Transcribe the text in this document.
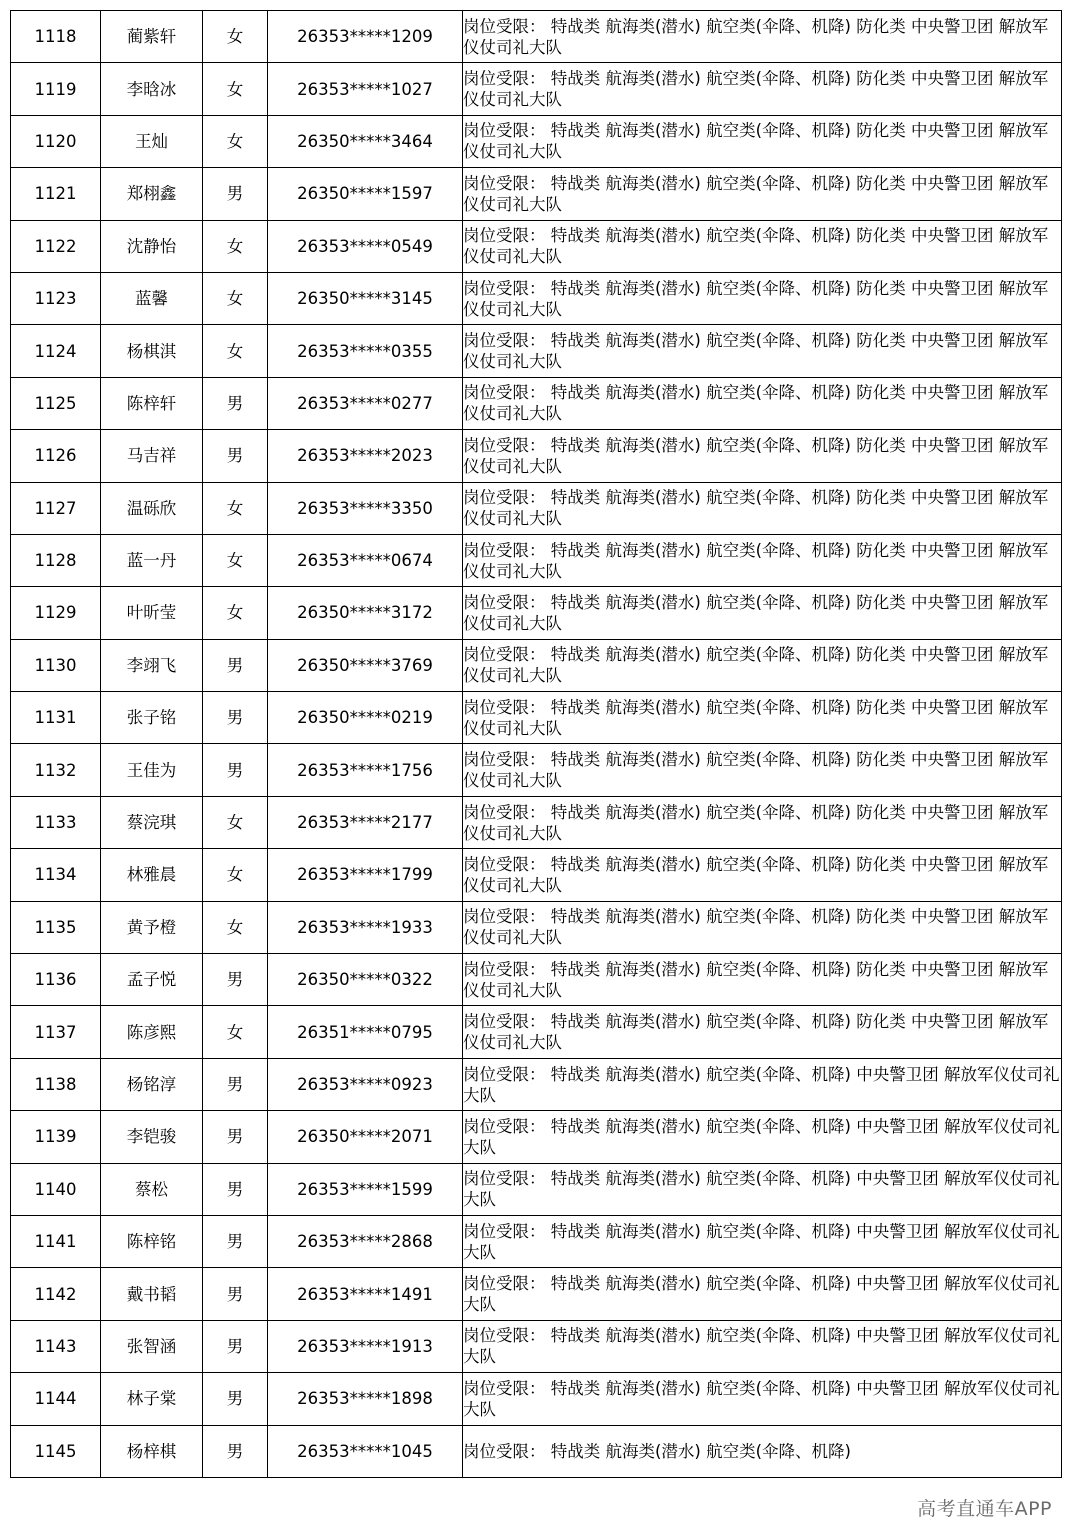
1118	蔺紫轩	女	26353*****1209	岗位受限： 特战类 航海类(潜水) 航空类(伞降、机降) 防化类 中央警卫团 解放军仪仗司礼大队

1119	李晗冰	女	26353*****1027	岗位受限： 特战类 航海类(潜水) 航空类(伞降、机降) 防化类 中央警卫团 解放军仪仗司礼大队

1120	王灿	女	26350*****3464	岗位受限： 特战类 航海类(潜水) 航空类(伞降、机降) 防化类 中央警卫团 解放军仪仗司礼大队

1121	郑栩鑫	男	26350*****1597	岗位受限： 特战类 航海类(潜水) 航空类(伞降、机降) 防化类 中央警卫团 解放军仪仗司礼大队

1122	沈静怡	女	26353*****0549	岗位受限： 特战类 航海类(潜水) 航空类(伞降、机降) 防化类 中央警卫团 解放军仪仗司礼大队

1123	蓝馨	女	26350*****3145	岗位受限： 特战类 航海类(潜水) 航空类(伞降、机降) 防化类 中央警卫团 解放军仪仗司礼大队

1124	杨棋淇	女	26353*****0355	岗位受限： 特战类 航海类(潜水) 航空类(伞降、机降) 防化类 中央警卫团 解放军仪仗司礼大队

1125	陈梓轩	男	26353*****0277	岗位受限： 特战类 航海类(潜水) 航空类(伞降、机降) 防化类 中央警卫团 解放军仪仗司礼大队

1126	马吉祥	男	26353*****2023	岗位受限： 特战类 航海类(潜水) 航空类(伞降、机降) 防化类 中央警卫团 解放军仪仗司礼大队

1127	温砾欣	女	26353*****3350	岗位受限： 特战类 航海类(潜水) 航空类(伞降、机降) 防化类 中央警卫团 解放军仪仗司礼大队

1128	蓝一丹	女	26353*****0674	岗位受限： 特战类 航海类(潜水) 航空类(伞降、机降) 防化类 中央警卫团 解放军仪仗司礼大队

1129	叶昕莹	女	26350*****3172	岗位受限： 特战类 航海类(潜水) 航空类(伞降、机降) 防化类 中央警卫团 解放军仪仗司礼大队

1130	李翊飞	男	26350*****3769	岗位受限： 特战类 航海类(潜水) 航空类(伞降、机降) 防化类 中央警卫团 解放军仪仗司礼大队

1131	张子铭	男	26350*****0219	岗位受限： 特战类 航海类(潜水) 航空类(伞降、机降) 防化类 中央警卫团 解放军仪仗司礼大队

1132	王佳为	男	26353*****1756	岗位受限： 特战类 航海类(潜水) 航空类(伞降、机降) 防化类 中央警卫团 解放军仪仗司礼大队

1133	蔡浣琪	女	26353*****2177	岗位受限： 特战类 航海类(潜水) 航空类(伞降、机降) 防化类 中央警卫团 解放军仪仗司礼大队

1134	林雅晨	女	26353*****1799	岗位受限： 特战类 航海类(潜水) 航空类(伞降、机降) 防化类 中央警卫团 解放军仪仗司礼大队

1135	黄予橙	女	26353*****1933	岗位受限： 特战类 航海类(潜水) 航空类(伞降、机降) 防化类 中央警卫团 解放军仪仗司礼大队

1136	孟子悦	男	26350*****0322	岗位受限： 特战类 航海类(潜水) 航空类(伞降、机降) 防化类 中央警卫团 解放军仪仗司礼大队

1137	陈彦熙	女	26351*****0795	岗位受限： 特战类 航海类(潜水) 航空类(伞降、机降) 防化类 中央警卫团 解放军仪仗司礼大队

1138	杨铭淳	男	26353*****0923	岗位受限： 特战类 航海类(潜水) 航空类(伞降、机降) 中央警卫团 解放军仪仗司礼大队

1139	李铠骏	男	26350*****2071	岗位受限： 特战类 航海类(潜水) 航空类(伞降、机降) 中央警卫团 解放军仪仗司礼大队

1140	蔡松	男	26353*****1599	岗位受限： 特战类 航海类(潜水) 航空类(伞降、机降) 中央警卫团 解放军仪仗司礼大队

1141	陈梓铭	男	26353*****2868	岗位受限： 特战类 航海类(潜水) 航空类(伞降、机降) 中央警卫团 解放军仪仗司礼大队

1142	戴书韬	男	26353*****1491	岗位受限： 特战类 航海类(潜水) 航空类(伞降、机降) 中央警卫团 解放军仪仗司礼大队

1143	张智涵	男	26353*****1913	岗位受限： 特战类 航海类(潜水) 航空类(伞降、机降) 中央警卫团 解放军仪仗司礼大队

1144	林子棠	男	26353*****1898	岗位受限： 特战类 航海类(潜水) 航空类(伞降、机降) 中央警卫团 解放军仪仗司礼大队

1145	杨梓棋	男	26353*****1045	岗位受限： 特战类 航海类(潜水) 航空类(伞降、机降)
高考直通车APP
